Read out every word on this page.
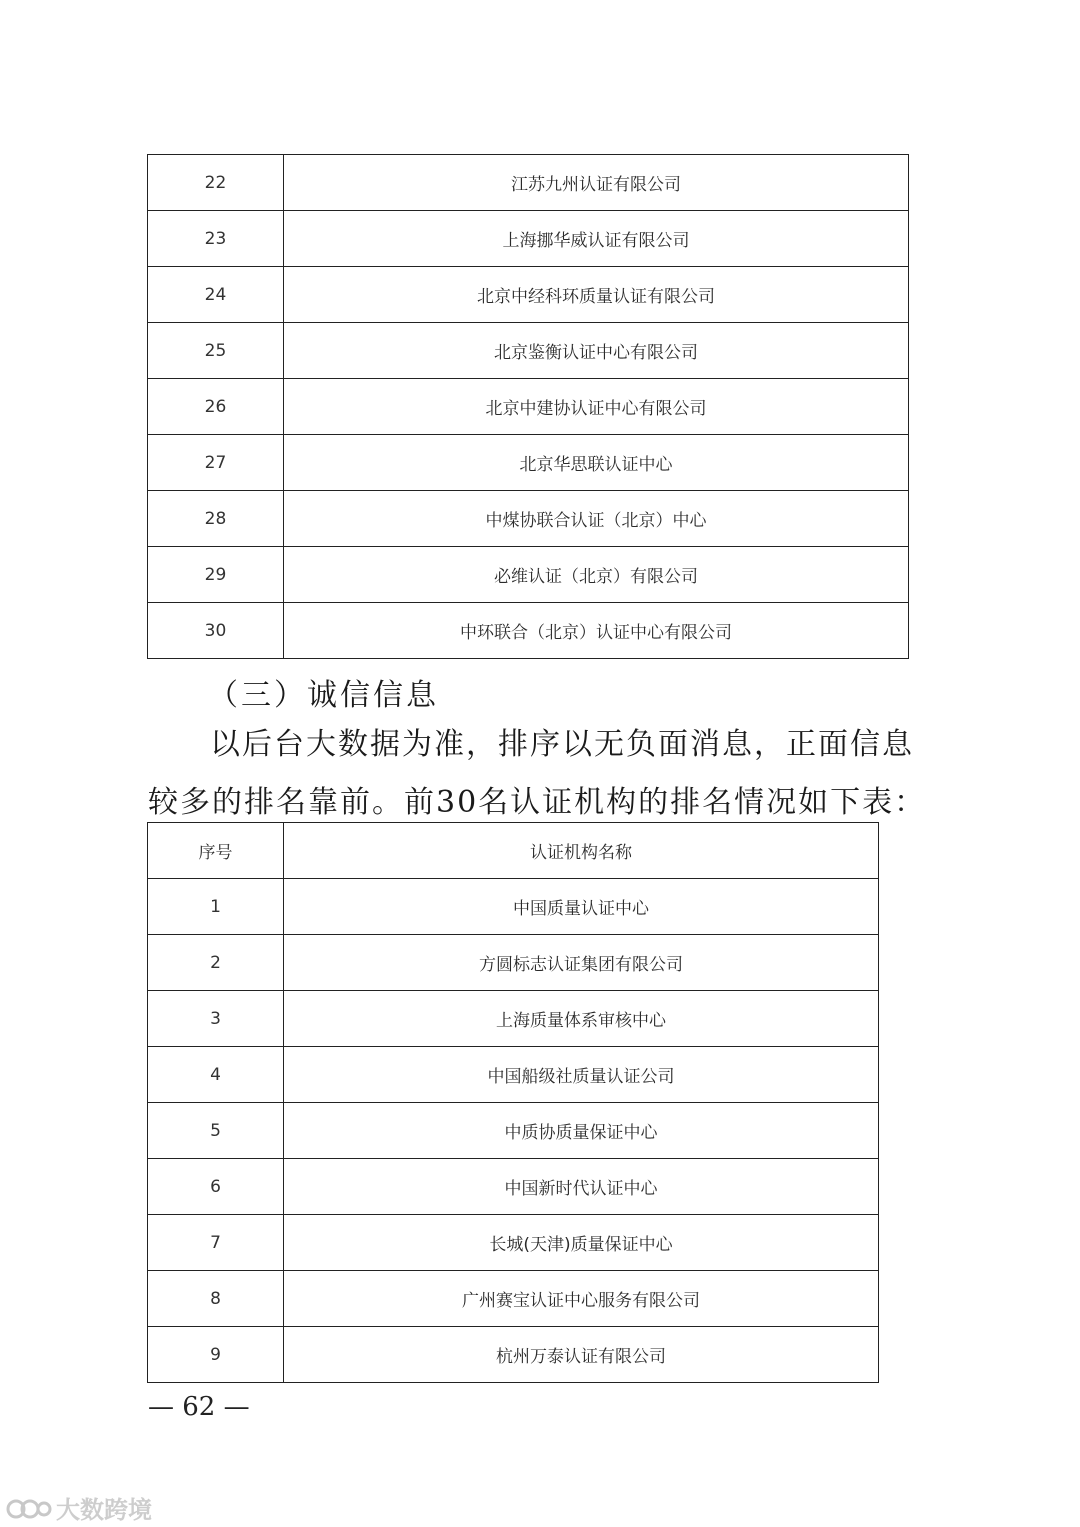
22	江苏九州认证有限公司
23	上海挪华威认证有限公司
24	北京中经科环质量认证有限公司
25	北京鉴衡认证中心有限公司
26	北京中建协认证中心有限公司
27	北京华思联认证中心
28	中煤协联合认证（北京）中心
29	必维认证（北京）有限公司
30	中环联合（北京）认证中心有限公司
（三）诚信信息

以后台大数据为准，排序以无负面消息，正面信息较多的排名靠前。前30名认证机构的排名情况如下表：

序号	认证机构名称
1	中国质量认证中心
2	方圆标志认证集团有限公司
3	上海质量体系审核中心
4	中国船级社质量认证公司
5	中质协质量保证中心
6	中国新时代认证中心
7	长城(天津)质量保证中心
8	广州赛宝认证中心服务有限公司
9	杭州万泰认证有限公司
— 62 —
大数跨境
